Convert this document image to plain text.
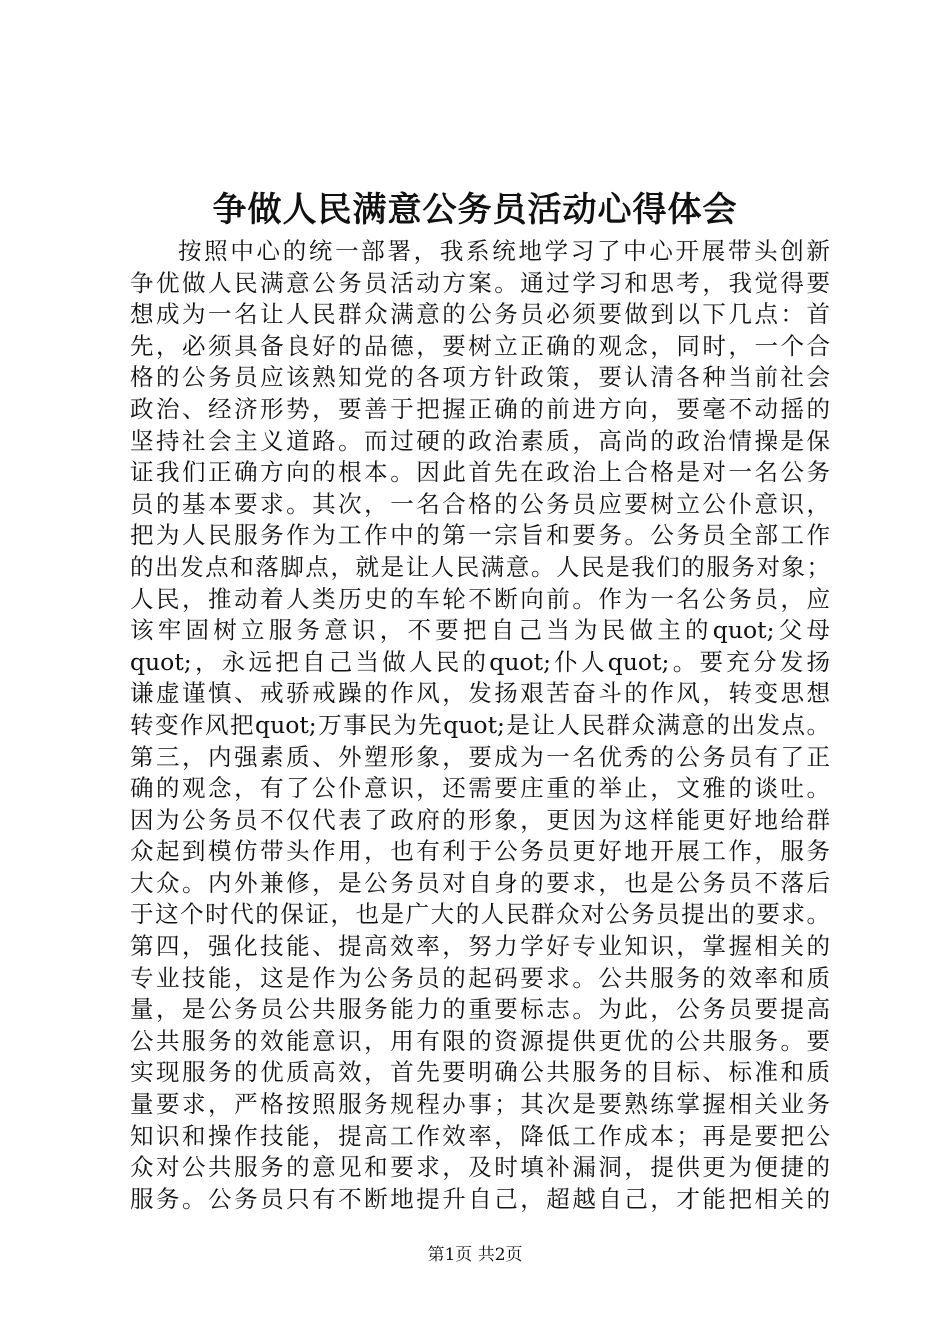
争做人民满意公务员活动心得体会
按照中心的统一部署，我系统地学习了中心开展带头创新
争优做人民满意公务员活动方案。通过学习和思考，我觉得要
想成为一名让人民群众满意的公务员必须要做到以下几点：首
先，必须具备良好的品德，要树立正确的观念，同时，一个合
格的公务员应该熟知党的各项方针政策，要认清各种当前社会
政治、经济形势，要善于把握正确的前进方向，要毫不动摇的
坚持社会主义道路。而过硬的政治素质，高尚的政治情操是保
证我们正确方向的根本。因此首先在政治上合格是对一名公务
员的基本要求。其次，一名合格的公务员应要树立公仆意识，
把为人民服务作为工作中的第一宗旨和要务。公务员全部工作
的出发点和落脚点，就是让人民满意。人民是我们的服务对象；
人民，推动着人类历史的车轮不断向前。作为一名公务员，应
该牢固树立服务意识，不要把自己当为民做主的quot;父母
quot;，永远把自己当做人民的quot;仆人quot;。要充分发扬
谦虚谨慎、戒骄戒躁的作风，发扬艰苦奋斗的作风，转变思想
转变作风把quot;万事民为先quot;是让人民群众满意的出发点。
第三，内强素质、外塑形象，要成为一名优秀的公务员有了正
确的观念，有了公仆意识，还需要庄重的举止，文雅的谈吐。
因为公务员不仅代表了政府的形象，更因为这样能更好地给群
众起到模仿带头作用，也有利于公务员更好地开展工作，服务
大众。内外兼修，是公务员对自身的要求，也是公务员不落后
于这个时代的保证，也是广大的人民群众对公务员提出的要求。
第四，强化技能、提高效率，努力学好专业知识，掌握相关的
专业技能，这是作为公务员的起码要求。公共服务的效率和质
量，是公务员公共服务能力的重要标志。为此，公务员要提高
公共服务的效能意识，用有限的资源提供更优的公共服务。要
实现服务的优质高效，首先要明确公共服务的目标、标准和质
量要求，严格按照服务规程办事；其次是要熟练掌握相关业务
知识和操作技能，提高工作效率，降低工作成本；再是要把公
众对公共服务的意见和要求，及时填补漏洞，提供更为便捷的
服务。公务员只有不断地提升自己，超越自己，才能把相关的
第1页 共2页
